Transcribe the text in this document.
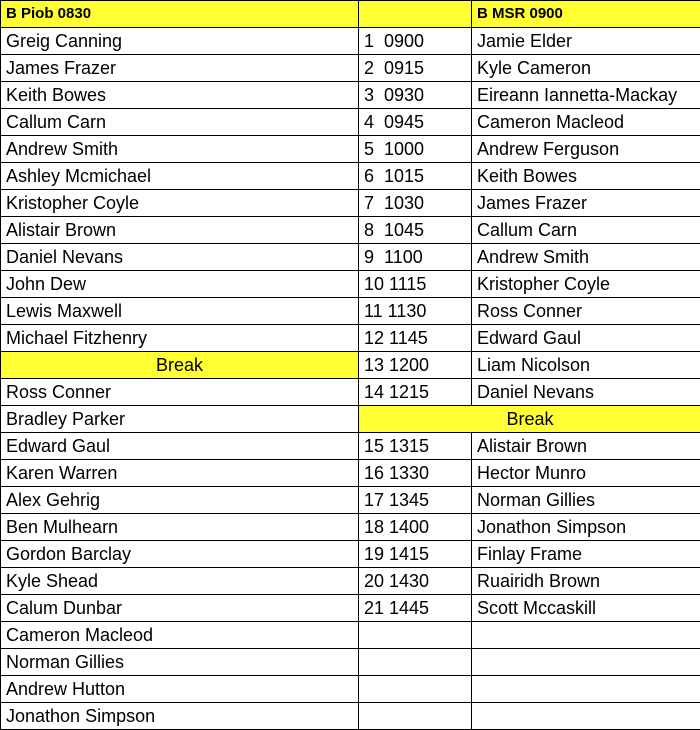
B Piob 0830		B MSR 0900
Greig Canning	1  0900	Jamie Elder
James Frazer	2  0915	Kyle Cameron
Keith Bowes	3  0930	Eireann Iannetta-Mackay
Callum Carn	4  0945	Cameron Macleod
Andrew Smith	5  1000	Andrew Ferguson
Ashley Mcmichael	6  1015	Keith Bowes
Kristopher Coyle	7  1030	James Frazer
Alistair Brown	8  1045	Callum Carn
Daniel Nevans	9  1100	Andrew Smith
John Dew	10 1115	Kristopher Coyle
Lewis Maxwell	11 1130	Ross Conner
Michael Fitzhenry	12 1145	Edward Gaul
Break	13 1200	Liam Nicolson
Ross Conner	14 1215	Daniel Nevans
Bradley Parker	Break	
Edward Gaul	15 1315	Alistair Brown
Karen Warren	16 1330	Hector Munro
Alex Gehrig	17 1345	Norman Gillies
Ben Mulhearn	18 1400	Jonathon Simpson
Gordon Barclay	19 1415	Finlay Frame
Kyle Shead	20 1430	Ruairidh Brown
Calum Dunbar	21 1445	Scott Mccaskill
Cameron Macleod		
Norman Gillies		
Andrew Hutton		
Jonathon Simpson		
